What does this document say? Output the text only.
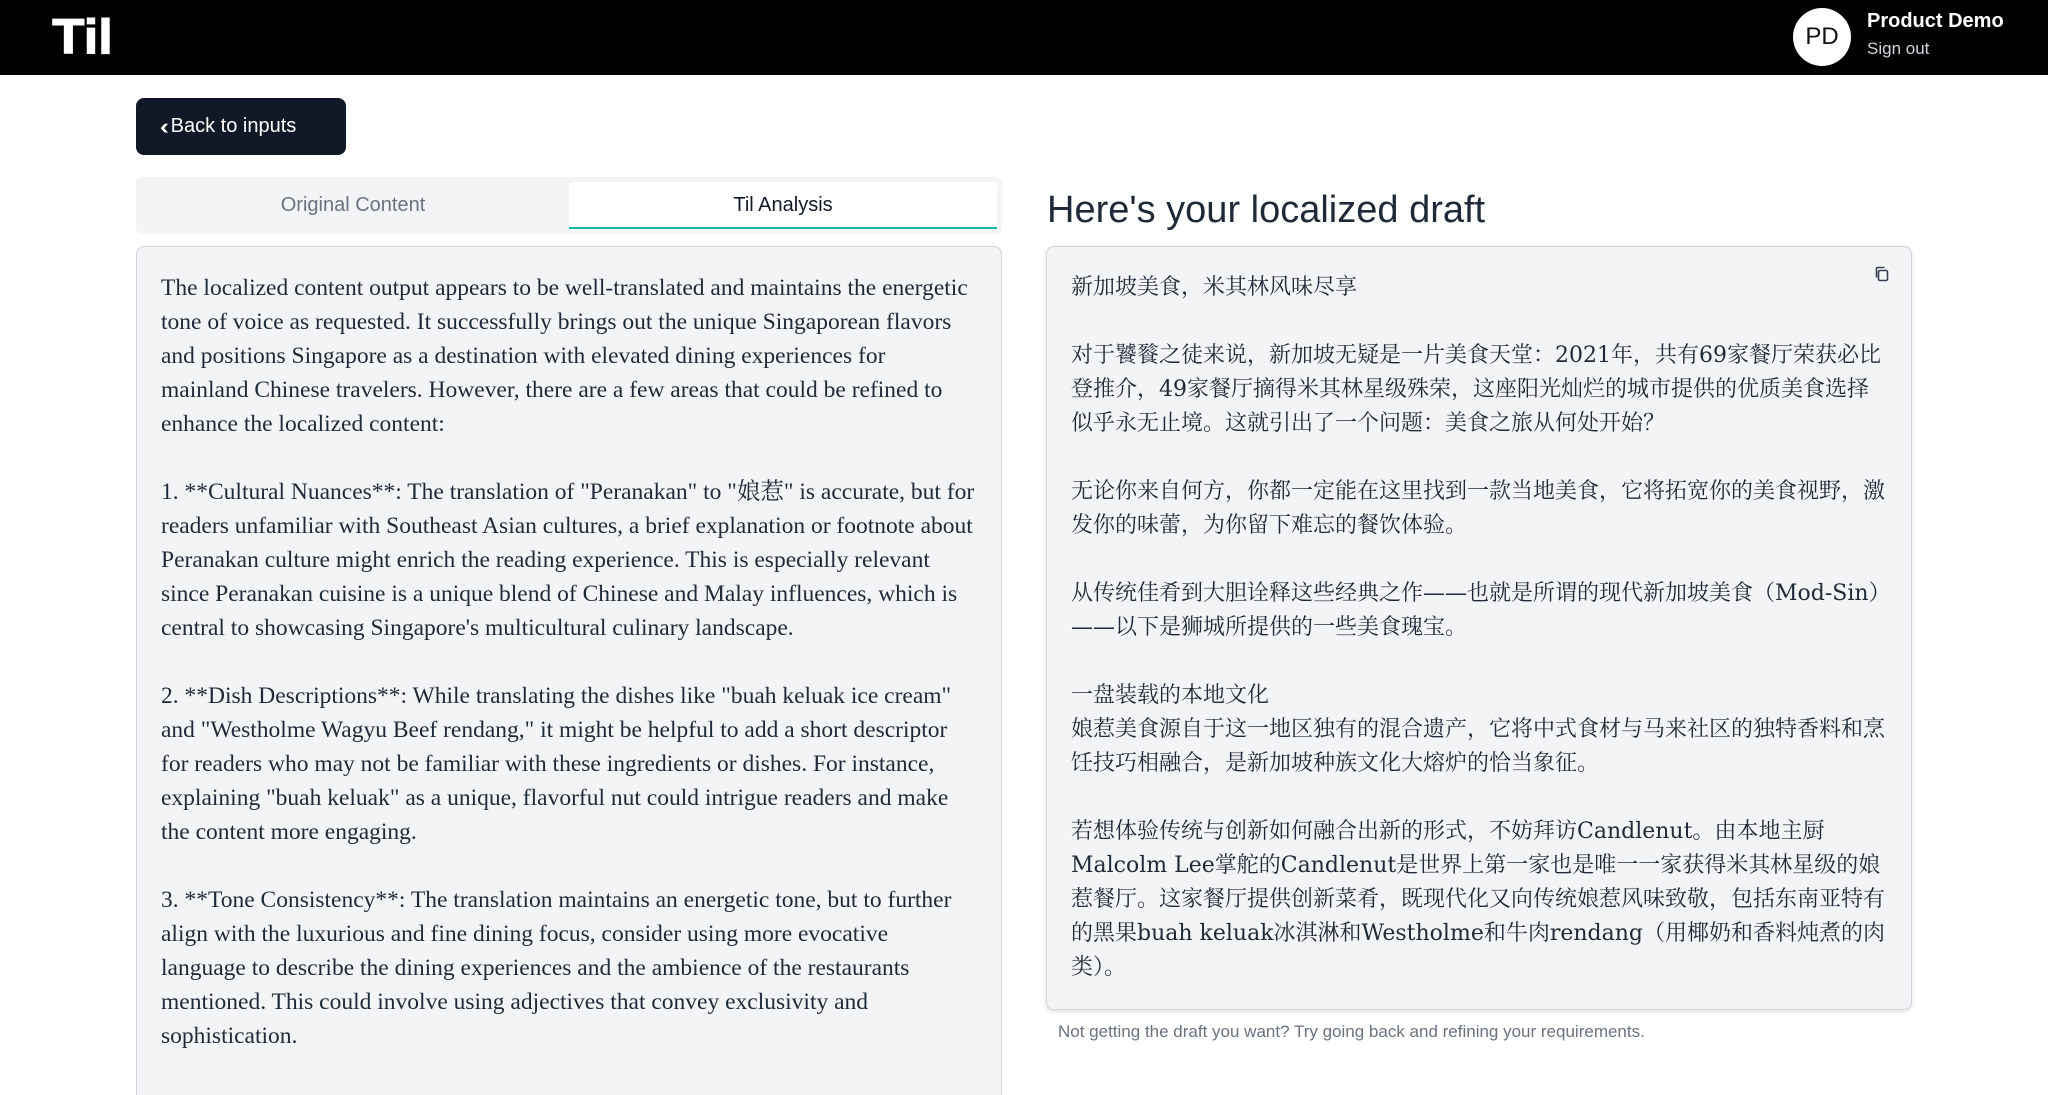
Til	PD
Product Demo
Sign out
‹‹ Back to inputs
Original Content	Til Analysis

The localized content output appears to be well-translated and maintains the energetic tone of voice as requested. It successfully brings out the unique Singaporean flavors and positions Singapore as a destination with elevated dining experiences for mainland Chinese travelers. However, there are a few areas that could be refined to enhance the localized content:

1. **Cultural Nuances**: The translation of "Peranakan" to "娘惹" is accurate, but for readers unfamiliar with Southeast Asian cultures, a brief explanation or footnote about Peranakan culture might enrich the reading experience. This is especially relevant since Peranakan cuisine is a unique blend of Chinese and Malay influences, which is central to showcasing Singapore's multicultural culinary landscape.

2. **Dish Descriptions**: While translating the dishes like "buah keluak ice cream" and "Westholme Wagyu Beef rendang," it might be helpful to add a short descriptor for readers who may not be familiar with these ingredients or dishes. For instance, explaining "buah keluak" as a unique, flavorful nut could intrigue readers and make the content more engaging.

3. **Tone Consistency**: The translation maintains an energetic tone, but to further align with the luxurious and fine dining focus, consider using more evocative language to describe the dining experiences and the ambience of the restaurants mentioned. This could involve using adjectives that convey exclusivity and sophistication.

Here's your localized draft

新加坡美食，米其林风味尽享

对于饕餮之徒来说，新加坡无疑是一片美食天堂：2021年，共有69家餐厅荣获必比登推介，49家餐厅摘得米其林星级殊荣，这座阳光灿烂的城市提供的优质美食选择似乎永无止境。这就引出了一个问题：美食之旅从何处开始？

无论你来自何方，你都一定能在这里找到一款当地美食，它将拓宽你的美食视野，激发你的味蕾，为你留下难忘的餐饮体验。

从传统佳肴到大胆诠释这些经典之作——也就是所谓的现代新加坡美食（Mod-Sin）——以下是狮城所提供的一些美食瑰宝。

一盘装载的本地文化

娘惹美食源自于这一地区独有的混合遗产，它将中式食材与马来社区的独特香料和烹饪技巧相融合，是新加坡种族文化大熔炉的恰当象征。

若想体验传统与创新如何融合出新的形式，不妨拜访Candlenut。由本地主厨Malcolm Lee掌舵的Candlenut是世界上第一家也是唯一一家获得米其林星级的娘惹餐厅。这家餐厅提供创新菜肴，既现代化又向传统娘惹风味致敬，包括东南亚特有的黑果buah keluak冰淇淋和Westholme和牛肉rendang（用椰奶和香料炖煮的肉类）。

Not getting the draft you want? Try going back and refining your requirements.
